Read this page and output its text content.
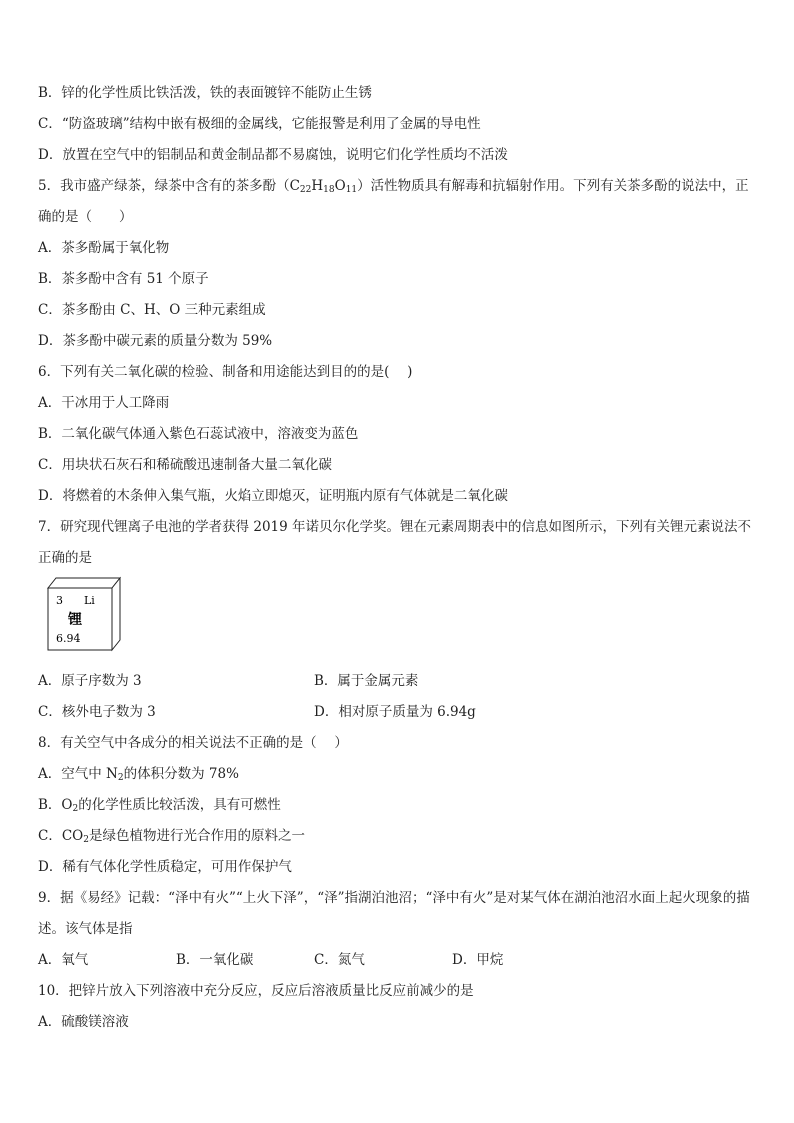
B．锌的化学性质比铁活泼，铁的表面镀锌不能防止生锈
C．“防盗玻璃”结构中嵌有极细的金属线，它能报警是利用了金属的导电性
D．放置在空气中的铝制品和黄金制品都不易腐蚀，说明它们化学性质均不活泼
5．我市盛产绿茶，绿茶中含有的茶多酚$(C_{22}H_{18}O_{11})$活性物质具有解毒和抗辐射作用。下列有关茶多酚的说法中，正确的是（　　）
A．茶多酚属于氧化物
B．茶多酚中含有 51 个原子
C．茶多酚由 C、H、O 三种元素组成
D．茶多酚中碳元素的质量分数为 59%
6．下列有关二氧化碳的检验、制备和用途能达到目的的是(　 )
A．干冰用于人工降雨
B．二氧化碳气体通入紫色石蕊试液中，溶液变为蓝色
C．用块状石灰石和稀硫酸迅速制备大量二氧化碳
D．将燃着的木条伸入集气瓶，火焰立即熄灭，证明瓶内原有气体就是二氧化碳
7．研究现代锂离子电池的学者获得 2019 年诺贝尔化学奖。锂在元素周期表中的信息如图所示，下列有关锂元素说法不正确的是
3 Li
锂
6.94
A．原子序数为 3	B．属于金属元素
C．核外电子数为 3	D．相对原子质量为 6.94g
8．有关空气中各成分的相关说法不正确的是（　 ）
A．空气中 $N_2$的体积分数为 78%
B．$O_2$的化学性质比较活泼，具有可燃性
C．$CO_2$是绿色植物进行光合作用的原料之一
D．稀有气体化学性质稳定，可用作保护气
9．据《易经》记载：“泽中有火”“上火下泽”，“泽”指湖泊池沼；“泽中有火”是对某气体在湖泊池沼水面上起火现象的描述。该气体是指
A．氧气	B．一氧化碳	C．氮气	D．甲烷
10．把锌片放入下列溶液中充分反应，反应后溶液质量比反应前减少的是
A．硫酸镁溶液
